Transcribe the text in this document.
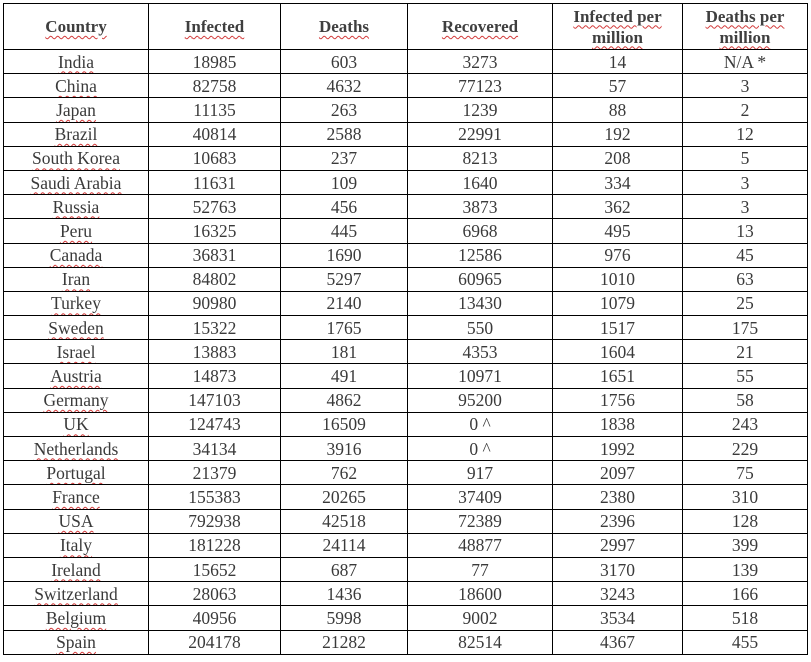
Country	Infected	Deaths	Recovered	Infected per million	Deaths per million
India	18985	603	3273	14	N/A *
China	82758	4632	77123	57	3
Japan	11135	263	1239	88	2
Brazil	40814	2588	22991	192	12
South Korea	10683	237	8213	208	5
Saudi Arabia	11631	109	1640	334	3
Russia	52763	456	3873	362	3
Peru	16325	445	6968	495	13
Canada	36831	1690	12586	976	45
Iran	84802	5297	60965	1010	63
Turkey	90980	2140	13430	1079	25
Sweden	15322	1765	550	1517	175
Israel	13883	181	4353	1604	21
Austria	14873	491	10971	1651	55
Germany	147103	4862	95200	1756	58
UK	124743	16509	0 ^	1838	243
Netherlands	34134	3916	0 ^	1992	229
Portugal	21379	762	917	2097	75
France	155383	20265	37409	2380	310
USA	792938	42518	72389	2396	128
Italy	181228	24114	48877	2997	399
Ireland	15652	687	77	3170	139
Switzerland	28063	1436	18600	3243	166
Belgium	40956	5998	9002	3534	518
Spain	204178	21282	82514	4367	455
